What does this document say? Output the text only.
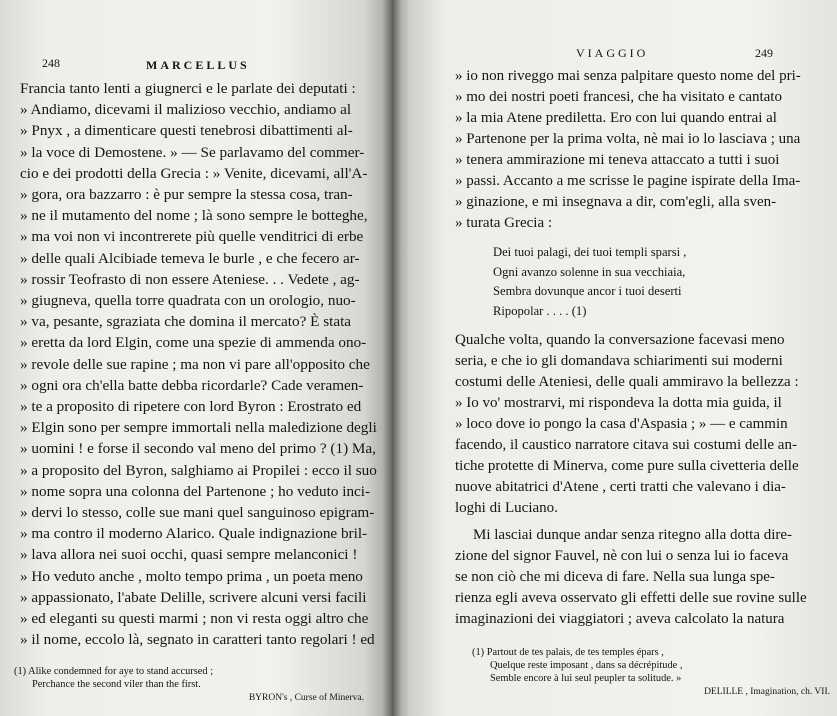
248	MARCELLUS
Francia tanto lenti a giugnerci e le parlate dei deputati :
» Andiamo, dicevami il malizioso vecchio, andiamo al
» Pnyx , a dimenticare questi tenebrosi dibattimenti al-
» la voce di Demostene. » — Se parlavamo del commer-
cio e dei prodotti della Grecia : » Venite, dicevami, all'A-
» gora, ora bazzarro : è pur sempre la stessa cosa, tran-
» ne il mutamento del nome ; là sono sempre le botteghe,
» ma voi non vi incontrerete più quelle venditrici di erbe
» delle quali Alcibiade temeva le burle , e che fecero ar-
» rossir Teofrasto di non essere Ateniese. . . Vedete , ag-
» giugneva, quella torre quadrata con un orologio, nuo-
» va, pesante, sgraziata che domina il mercato? È stata
» eretta da lord Elgin, come una spezie di ammenda ono-
» revole delle sue rapine ; ma non vi pare all'opposito che
» ogni ora ch'ella batte debba ricordarle? Cade veramen-
» te a proposito di ripetere con lord Byron : Erostrato ed
» Elgin sono per sempre immortali nella maledizione degli
» uomini ! e forse il secondo val meno del primo ? (1) Ma,
» a proposito del Byron, salghiamo ai Propilei : ecco il suo
» nome sopra una colonna del Partenone ; ho veduto inci-
» dervi lo stesso, colle sue mani quel sanguinoso epigram-
» ma contro il moderno Alarico. Quale indignazione bril-
» lava allora nei suoi occhi, quasi sempre melanconici !
» Ho veduto anche , molto tempo prima , un poeta meno
» appassionato, l'abate Delille, scrivere alcuni versi facili
» ed eleganti su questi marmi ; non vi resta oggi altro che
» il nome, eccolo là, segnato in caratteri tanto regolari ! ed
(1) Alike condemned for aye to stand accursed ;
Perchance the second viler than the first.
BYRON's , Curse of Minerva.
VIAGGIO	249
» io non riveggo mai senza palpitare questo nome del pri-
» mo dei nostri poeti francesi, che ha visitato e cantato
» la mia Atene prediletta. Ero con lui quando entrai al
» Partenone per la prima volta, nè mai io lo lasciava ; una
» tenera ammirazione mi teneva attaccato a tutti i suoi
» passi. Accanto a me scrisse le pagine ispirate della Ima-
» ginazione, e mi insegnava a dir, com'egli, alla sven-
» turata Grecia :
Dei tuoi palagi, dei tuoi templi sparsi ,
Ogni avanzo solenne in sua vecchiaia,
Sembra dovunque ancor i tuoi deserti
Ripopolar . . . . (1)
Qualche volta, quando la conversazione facevasi meno
seria, e che io gli domandava schiarimenti sui moderni
costumi delle Ateniesi, delle quali ammiravo la bellezza :
» Io vo' mostrarvi, mi rispondeva la dotta mia guida, il
» loco dove io pongo la casa d'Aspasia ; » — e cammin
facendo, il caustico narratore citava sui costumi delle an-
tiche protette di Minerva, come pure sulla civetteria delle
nuove abitatrici d'Atene , certi tratti che valevano i dia-
loghi di Luciano.
Mi lasciai dunque andar senza ritegno alla dotta dire-
zione del signor Fauvel, nè con lui o senza lui io faceva
se non ciò che mi diceva di fare. Nella sua lunga spe-
rienza egli aveva osservato gli effetti delle sue rovine sulle
imaginazioni dei viaggiatori ; aveva calcolato la natura
(1) Partout de tes palais, de tes temples épars ,
Quelque reste imposant , dans sa décrépitude ,
Semble encore à lui seul peupler ta solitude. »
DELILLE , Imagination, ch. VII.
